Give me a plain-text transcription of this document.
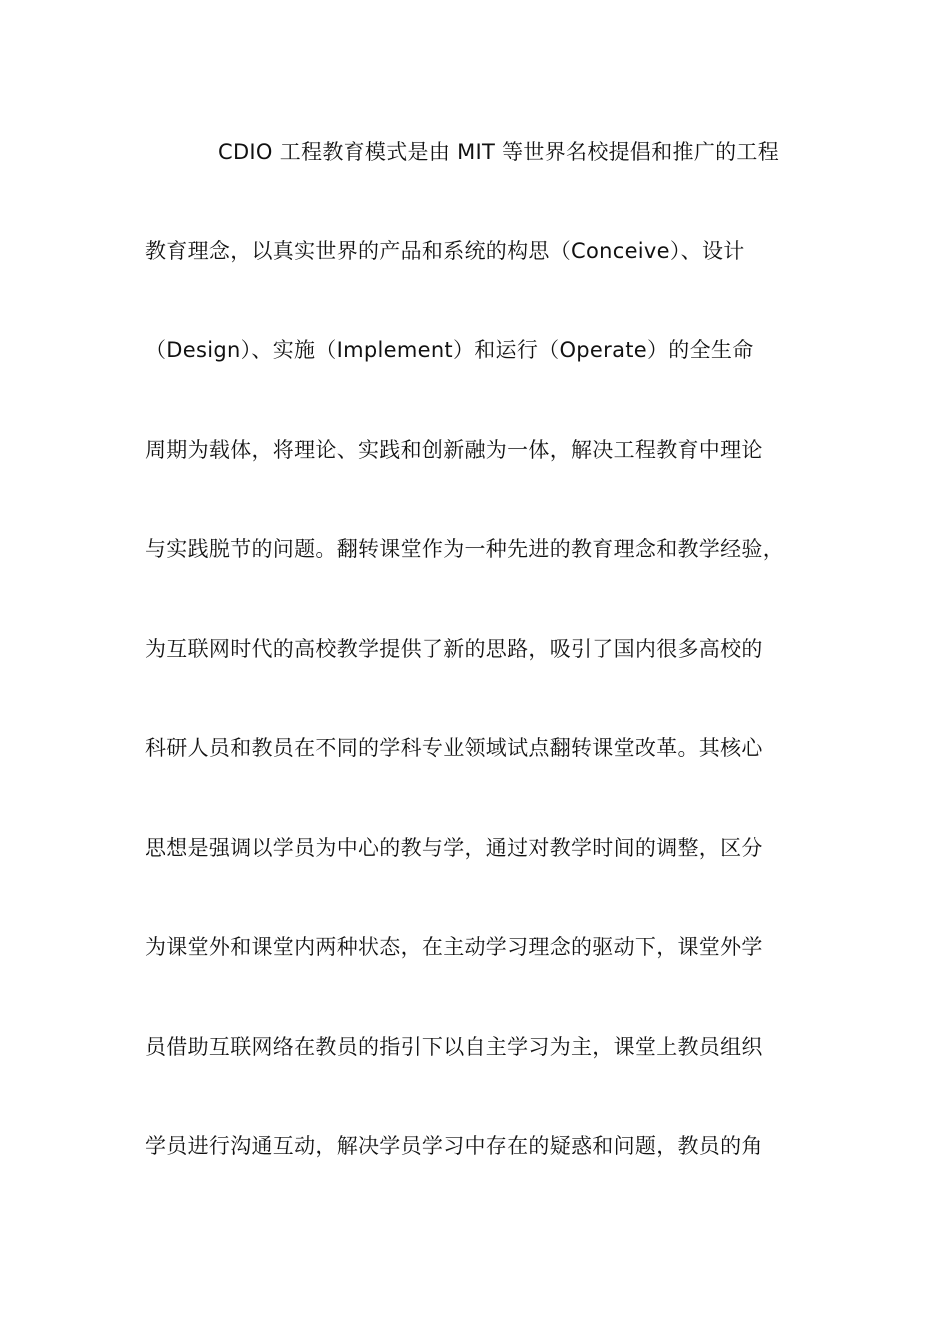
CDIO 工程教育模式是由 MIT 等世界名校提倡和推广的工程
教育理念，以真实世界的产品和系统的构思（Conceive）、设计
（Design）、实施（Implement）和运行（Operate）的全生命
周期为载体，将理论、实践和创新融为一体，解决工程教育中理论
与实践脱节的问题。翻转课堂作为一种先进的教育理念和教学经验，
为互联网时代的高校教学提供了新的思路，吸引了国内很多高校的
科研人员和教员在不同的学科专业领域试点翻转课堂改革。其核心
思想是强调以学员为中心的教与学，通过对教学时间的调整，区分
为课堂外和课堂内两种状态，在主动学习理念的驱动下，课堂外学
员借助互联网络在教员的指引下以自主学习为主，课堂上教员组织
学员进行沟通互动，解决学员学习中存在的疑惑和问题，教员的角
